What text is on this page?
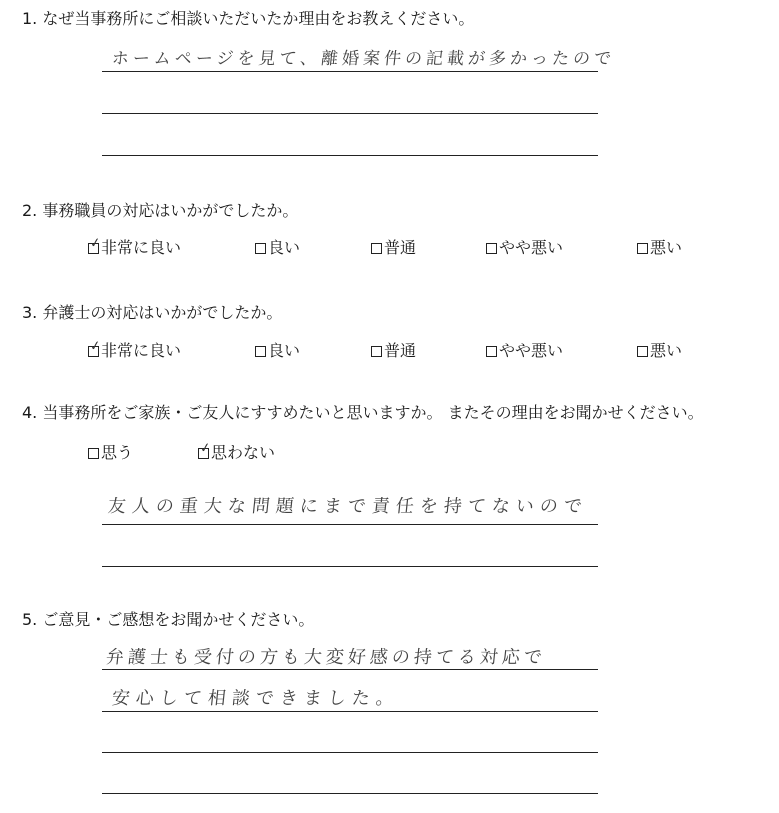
1. なぜ当事務所にご相談いただいたか理由をお教えください。
ホームページを見て、離婚案件の記載が多かったので
2. 事務職員の対応はいかがでしたか。
✓ 非常に良い	良い	普通	やや悪い	悪い
3. 弁護士の対応はいかがでしたか。
✓ 非常に良い	良い	普通	やや悪い	悪い
4. 当事務所をご家族・ご友人にすすめたいと思いますか。 またその理由をお聞かせください。
思う	✓ 思わない
友人の重大な問題にまで責任を持てないので
5. ご意見・ご感想をお聞かせください。
弁護士も受付の方も大変好感の持てる対応で
安心して相談できました。
